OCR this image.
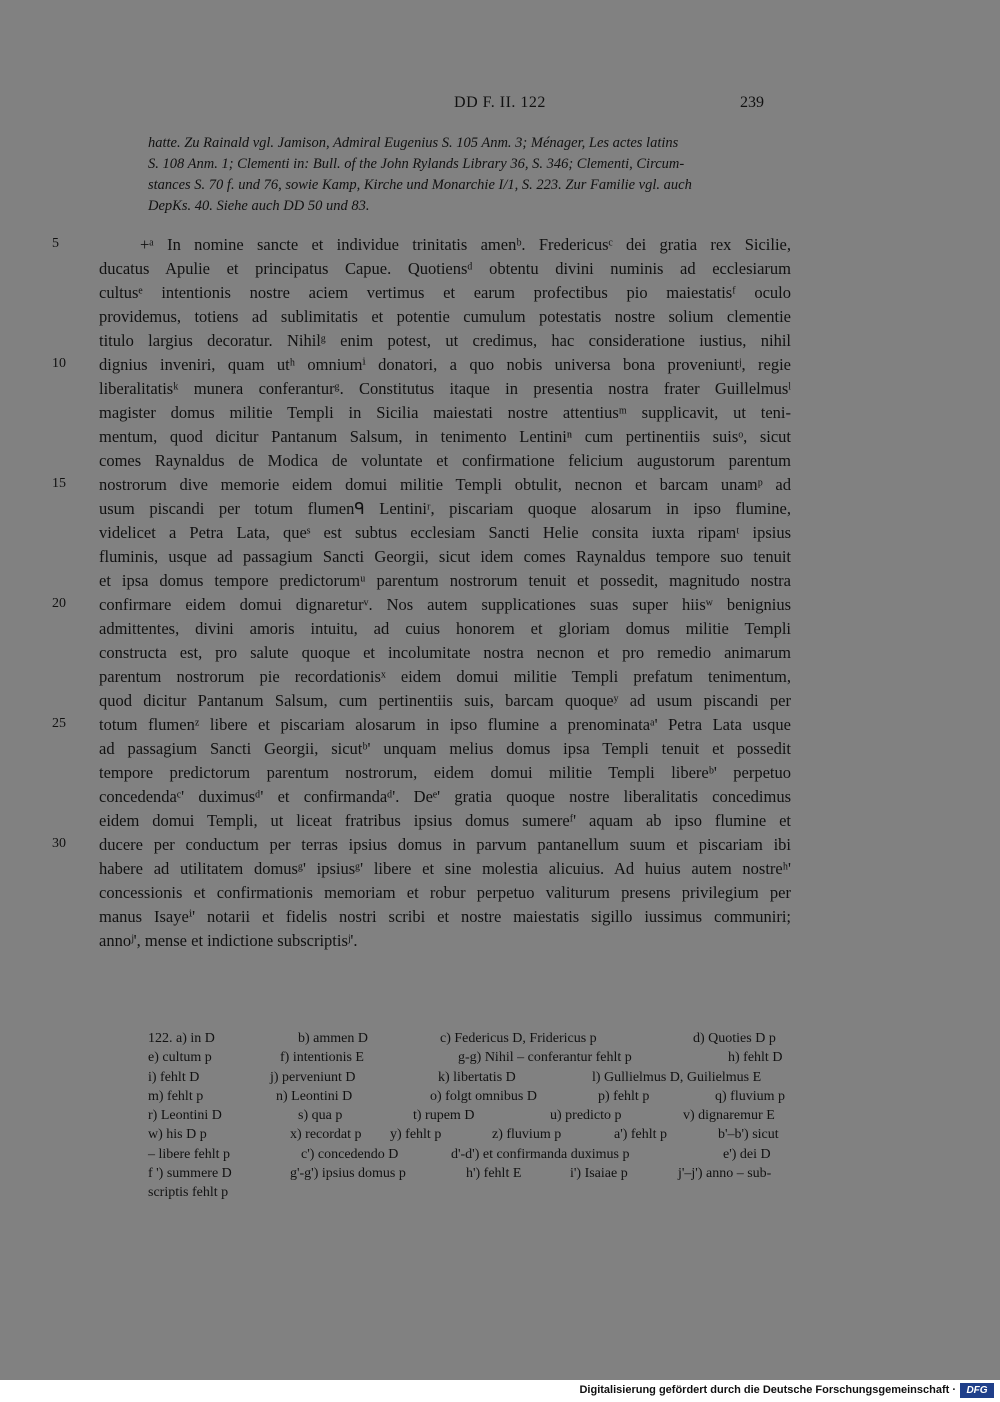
DD F. II. 122	239
hatte. Zu Rainald vgl. Jamison, Admiral Eugenius S. 105 Anm. 3; Ménager, Les actes latins
S. 108 Anm. 1; Clementi in: Bull. of the John Rylands Library 36, S. 346; Clementi, Circum-
stances S. 70 f. und 76, sowie Kamp, Kirche und Monarchie I/1, S. 223. Zur Familie vgl. auch
DepKs. 40. Siehe auch DD 50 und 83.
5	+ᵃ In nomine sancte et individue trinitatis amenᵇ. Fredericusᶜ dei gratia rex Sicilie,
ducatus Apulie et principatus Capue. Quotiensᵈ obtentu divini numinis ad ecclesiarum
cultusᵉ intentionis nostre aciem vertimus et earum profectibus pio maiestatisᶠ oculo
providemus, totiens ad sublimitatis et potentie cumulum potestatis nostre solium clementie
titulo largius decoratur. Nihilᵍ enim potest, ut credimus, hac consideratione iustius, nihil
10	dignius inveniri, quam utʰ omniumⁱ donatori, a quo nobis universa bona proveniuntʲ, regie
liberalitatisᵏ munera conferanturᵍ. Constitutus itaque in presentia nostra frater Guillelmusˡ
magister domus militie Templi in Sicilia maiestati nostre attentiusᵐ supplicavit, ut teni-
mentum, quod dicitur Pantanum Salsum, in tenimento Lentiniⁿ cum pertinentiis suisᵒ, sicut
comes Raynaldus de Modica de voluntate et confirmatione felicium augustorum parentum
15	nostrorum dive memorie eidem domui militie Templi obtulit, necnon et barcam unamᵖ ad
usum piscandi per totum flumenᑫ Lentiniʳ, piscariam quoque alosarum in ipso flumine,
videlicet a Petra Lata, queˢ est subtus ecclesiam Sancti Helie consita iuxta ripamᵗ ipsius
fluminis, usque ad passagium Sancti Georgii, sicut idem comes Raynaldus tempore suo tenuit
et ipsa domus tempore predictorumᵘ parentum nostrorum tenuit et possedit, magnitudo nostra
20	confirmare eidem domui dignareturᵛ. Nos autem supplicationes suas super hiisʷ benignius
admittentes, divini amoris intuitu, ad cuius honorem et gloriam domus militie Templi
constructa est, pro salute quoque et incolumitate nostra necnon et pro remedio animarum
parentum nostrorum pie recordationisˣ eidem domui militie Templi prefatum tenimentum,
quod dicitur Pantanum Salsum, cum pertinentiis suis, barcam quoqueʸ ad usum piscandi per
25	totum flumenᶻ libere et piscariam alosarum in ipso flumine a prenominataᵃ' Petra Lata usque
ad passagium Sancti Georgii, sicutᵇ' unquam melius domus ipsa Templi tenuit et possedit
tempore predictorum parentum nostrorum, eidem domui militie Templi libereᵇ' perpetuo
concedendaᶜ' duximusᵈ' et confirmandaᵈ'. Deᵉ' gratia quoque nostre liberalitatis concedimus
eidem domui Templi, ut liceat fratribus ipsius domus sumereᶠ' aquam ab ipso flumine et
30	ducere per conductum per terras ipsius domus in parvum pantanellum suum et piscariam ibi
habere ad utilitatem domusᵍ' ipsiusᵍ' libere et sine molestia alicuius. Ad huius autem nostreʰ'
concessionis et confirmationis memoriam et robur perpetuo valiturum presens privilegium per
manus Isayeⁱ' notarii et fidelis nostri scribi et nostre maiestatis sigillo iussimus communiri;
annoʲ', mense et indictione subscriptisʲ'.
122. a) in D	b) ammen D	c) Federicus D, Fridericus p	d) Quoties D p
e) cultum p	f) intentionis E	g-g) Nihil – conferantur fehlt p	h) fehlt D
i) fehlt D	j) perveniunt D	k) libertatis D	l) Gullielmus D, Guilielmus E
m) fehlt p	n) Leontini D	o) folgt omnibus D	p) fehlt p	q) fluvium p
r) Leontini D	s) qua p	t) rupem D	u) predicto p	v) dignaremur E
w) his D p	x) recordat p y) fehlt p	z) fluvium p	a') fehlt p	b'–b') sicut
– libere fehlt p	c') concedendo D	d'-d') et confirmanda duximus p	e') dei D
f ') summere D	g'-g') ipsius domus p	h') fehlt E	i') Isaiae p	j'–j') anno – sub-
scriptis fehlt p
Digitalisierung gefördert durch die Deutsche Forschungsgemeinschaft ·	DFG
